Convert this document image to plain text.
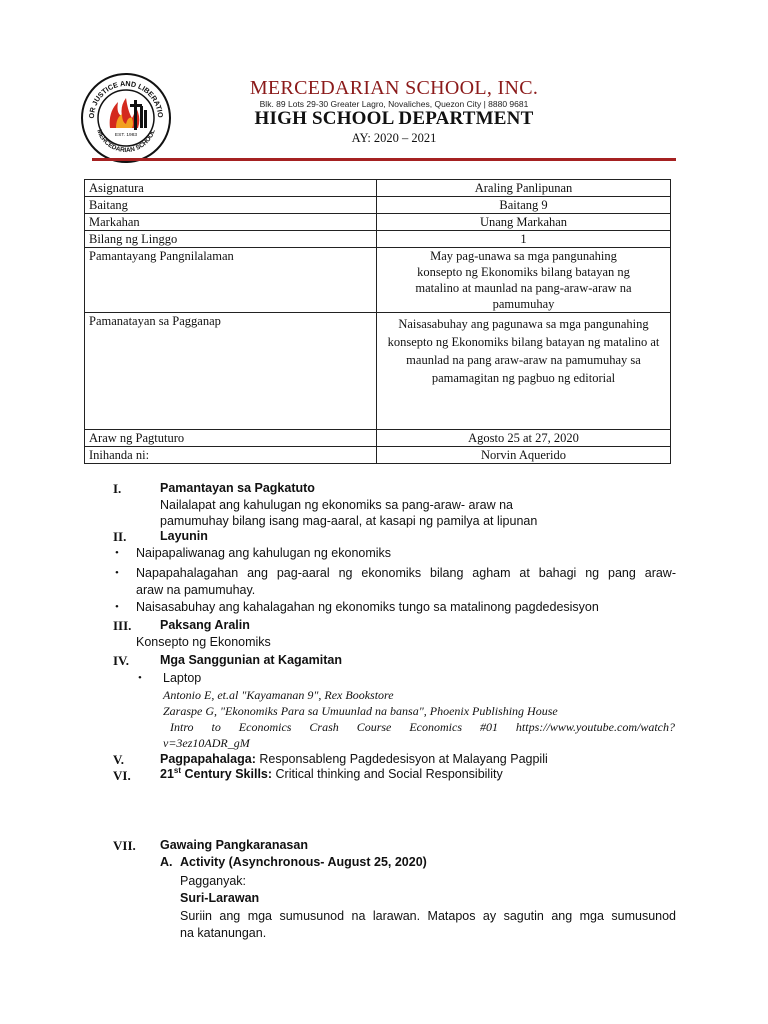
OR JUSTICE AND LIBERATIO
MERCEDARIAN SCHOOL
EST. 1983
MERCEDARIAN SCHOOL, INC.
Blk. 89 Lots 29-30 Greater Lagro, Novaliches, Quezon City | 8880 9681
HIGH SCHOOL DEPARTMENT
AY: 2020 – 2021
Asignatura	Araling Panlipunan
Baitang	Baitang 9
Markahan	Unang Markahan
Bilang ng Linggo	1
Pamantayang Pangnilalaman	May pag-unawa sa mga pangunahing konsepto ng Ekonomiks bilang batayan ng matalino at maunlad na pang-araw-araw na pamumuhay
Pamanatayan sa Pagganap	Naisasabuhay ang pagunawa sa mga pangunahing konsepto ng Ekonomiks bilang batayan ng matalino at maunlad na pang araw-araw na pamumuhay sa pamamagitan ng pagbuo ng editorial
Araw ng Pagtuturo	Agosto 25 at 27, 2020
Inihanda ni:	Norvin Aquerido
I.	Pamantayan sa Pagkatuto
Nailalapat ang kahulugan ng ekonomiks sa pang-araw- araw na
pamumuhay bilang isang mag-aaral, at kasapi ng pamilya at lipunan
II.	Layunin
• Naipapaliwanag ang kahulugan ng ekonomiks
• Napapahalagahan ang pag-aaral ng ekonomiks bilang agham at bahagi ng pang araw-
araw na pamumuhay.
• Naisasabuhay ang kahalagahan ng ekonomiks tungo sa matalinong pagdedesisyon
III. Paksang Aralin
Konsepto ng Ekonomiks
IV. Mga Sanggunian at Kagamitan
• Laptop
Antonio E, et.al "Kayamanan 9", Rex Bookstore
Zaraspe G, "Ekonomiks Para sa Umuunlad na bansa", Phoenix Publishing House
Intro to Economics Crash Course Economics #01 https://www.youtube.com/watch?
v=3ez10ADR_gM
V.	Pagpapahalaga: Responsableng Pagdedesisyon at Malayang Pagpili
VI. 21st Century Skills: Critical thinking and Social Responsibility
VII. Gawaing Pangkaranasan
A. Activity (Asynchronous- August 25, 2020)
Pagganyak:
Suri-Larawan
Suriin ang mga sumusunod na larawan. Matapos ay sagutin ang mga sumusunod
na katanungan.
